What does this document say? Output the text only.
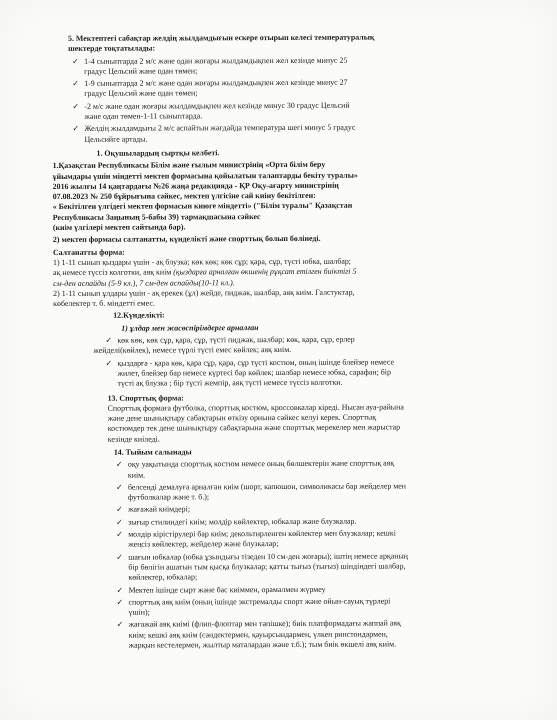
5. Мектептегі сабақтар желдің жылдамдығын ескере отырып келесі температуралық
шектерде тоқтатылады:

✓ 1-4 сыныптарда 2 м/с және одан жоғары жылдамдықпен жел кезінде минус 25
градус Цельсий және одан төмен;
✓ 1-9 сыныптарда 2 м/с және одан жоғары жылдамдықпен жел кезінде минус 27
градус Цельсий және одан төмен;
✓ -2 м/с және одан жоғары жылдамдықпен жел кезінде минус 30 градус Цельсий
және одан төмен-1-11 сыныптарда.
✓ Желдің жылдамдығы 2 м/с аспайтын жағдайда температура шегі минус 5 градус
Цельсийге артады.

1. Оқушылардың сыртқы келбеті.

1.Қазақстан Республикасы Білім және ғылым министрінің «Орта білім беру
ұйымдары үшін міндетті мектеп формасына қойылатын талаптарды бекіту туралы»
2016 жылғы 14 қаңтардағы №26 жаңа редакцияда - ҚР Оқу-ағарту министрінің
07.08.2023 № 250 бұйрығына сәйкес, мектеп үлгісіне сай киіну бекітілген:
« Бекітілген үлгідегі мектеп формасын киюге міндетті» ("Білім туралы" Қазақстан
Республикасы Заңының 5-бабы 39) тармақшасына сәйкес
(киім үлгілері мектеп сайтында бар).

2) мектеп формасы салтанатты, күнделікті және спорттық болып бөлінеді.

Салтанатты форма:

1) 1-11 сынып қыздары үшін - ақ блузка; көк көк; көк сұр; қара, сұр, түсті юбка, шалбар;
ақ немесе түссіз колготки, аяқ киім (қыздарға арналған өкшенің рұқсат етілген биіктігі 5
см-ден аспайды (5-9 кл.), 7 см-ден аспайды(10-11 кл.).
2) 1-11 сынып ұлдары үшін - ақ ерекек (ұл) жейде, пиджак, шалбар, аяқ киім. Галстуктар,
көбелектер т. б. міндетті емес.

12.Күнделікті:

1) ұлдар мен жасөспірімдерге арналған

✓ көк көк, көк сұр, қара, сұр, түсті пиджак, шалбар; көк, қара, сұр, ерлер

жейделі(көйлек), немесе түрлі түсті емес көйлек; аяқ киім.

✓ қыздарға - қара көк, қара сұр, қара, сұр түсті костюм, оның ішінде блейзер немесе
жилет, блейзер бар немесе күртесі бар көйлек; шалбар немесе юбка, сарафан; бір
түсті ақ блузка ; бір түсті жемпір, аяқ түсті немесе түссіз колготки.

13. Спорттық форма:

Спорттық формаға футболка, спорттық костюм, кроссовкалар кіреді. Нысан ауа-райына
және дене шынықтыру сабақтарын өткізу орнына сәйкес келуі керек. Спорттық
костюмдер тек дене шынықтыру сабақтарына және спорттық мерекелер мен жарыстар
кезінде киіледі.

14. Тыйым салынады

✓ оқу уақытында спорттық костюм немесе оның бөлшектерін және спорттық аяқ
киім.
✓ белсенді демалуға арналған киім (шорт, капюшон, символикасы бар жейделер мен
футболкалар және т. б.);
✓ жағажай киімдері;
✓ зығыр стилиндегі киім; молдір көйлектер, юбкалар және блузкалар.
✓ молдір кірістірулері бар киім; декольтирленген көйлектер мен блузкалар; кешкі
жеңсіз көйлектер, жейделер және блузкалар;
✓ шағын юбкалар (юбка ұзындығы тізеден 10 см-ден жоғары); іштің немесе арқаның
бір бөлігін ашатын тым қысқа блузкалар; қатты тығыз (тығыз) шіндіндегі шалбар,
көйлектер, юбкалар;
✓ Мектеп ішінде сырт және бас киіммен, орамалмен жүрмеу
✓ спорттық аяқ киім (оның ішінде экстремалды спорт және ойын-сауық түрлері
үшін);
✓ жағажай аяқ киімі (флип-флоптар мен тәпішке); биік платформадағы жаппай аяқ
киім; кешкі аяқ киім (сәндектермен, қауырсындармен, үлкен ринстондармен,
жарқын кестелермен, жылтыр маталардан және т.б.); тым биік өкшелі аяқ киім.
